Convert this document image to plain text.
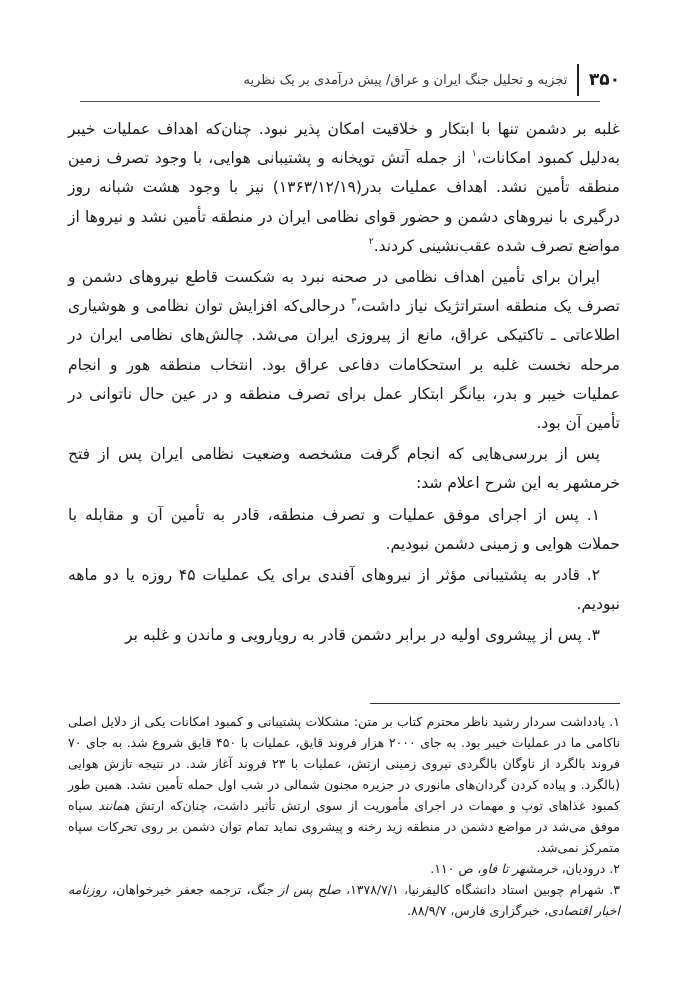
۳۵۰
تجزیه و تحلیل جنگ ایران و عراق/ پیش درآمدی بر یک نظریه

غلبه بر دشمن تنها با ابتکار و خلاقیت امکان پذیر نبود. چنان‌که اهداف عملیات خیبر به‌دلیل کمبود امکانات،$^۱$ از جمله آتش توپخانه و پشتیبانی هوایی، با وجود تصرف زمین منطقه تأمین نشد. اهداف عملیات بدر(۱۳۶۳/۱۲/۱۹) نیز با وجود هشت شبانه روز درگیری با نیروهای دشمن و حضور قوای نظامی ایران در منطقه تأمین نشد و نیروها از مواضع تصرف شده عقب‌نشینی کردند.$^۲$

ایران برای تأمین اهداف نظامی در صحنه نبرد به شکست قاطع نیروهای دشمن و تصرف یک منطقه استراتژیک نیاز داشت،$^۳$ درحالی‌که افزایش توان نظامی و هوشیاری اطلاعاتی ـ تاکتیکی عراق، مانع از پیروزی ایران می‌شد. چالش‌های نظامی ایران در مرحله نخست غلبه بر استحکامات دفاعی عراق بود. انتخاب منطقه هور و انجام عملیات خیبر و بدر، بیانگر ابتکار عمل برای تصرف منطقه و در عین حال ناتوانی در تأمین آن بود.

پس از بررسی‌هایی که انجام گرفت مشخصه وضعیت نظامی ایران پس از فتح خرمشهر به این شرح اعلام شد:

۱. پس از اجرای موفق عملیات و تصرف منطقه، قادر به تأمین آن و مقابله با حملات هوایی و زمینی دشمن نبودیم.

۲. قادر به پشتیبانی مؤثر از نیروهای آفندی برای یک عملیات ۴۵ روزه یا دو ماهه نبودیم.

۳. پس از پیشروی اولیه در برابر دشمن قادر به رویارویی و ماندن و غلبه بر

۱. یادداشت سردار رشید ناظر محترم کتاب بر متن: مشکلات پشتیبانی و کمبود امکانات یکی از دلایل اصلی ناکامی ما در عملیات خیبر بود. به جای ۲۰۰۰ هزار فروند قایق، عملیات با ۴۵۰ قایق شروع شد. به جای ۷۰ فروند بالگرد از ناوگان بالگردی نیروی زمینی ارتش، عملیات با ۲۳ فروند آغاز شد. در نتیجه تازش هوایی (بالگرد. و پیاده کردن گردان‌های مانوری در جزیره مجنون شمالی در شب اول حمله تأمین نشد. همین طور کمبود غذاهای توپ و مهمات در اجرای مأموریت از سوی ارتش تأثیر داشت، چنان‌که ارتش همانند سپاه موفق می‌شد در مواضع دشمن در منطقه زید رخنه و پیشروی نماید تمام توان دشمن بر روی تحرکات سپاه متمرکز نمی‌شد.

۲. درودیان، خرمشهر تا فاو، ص ۱۱۰.

۳. شهرام چوبین استاد دانشگاه کالیفرنیا، ۱۳۷۸/۷/۱، صلح پس از جنگ، ترجمه جعفر خیرخواهان، روزنامه اخبار اقتصادی، خبرگزاری فارس، ۸۸/۹/۷.
